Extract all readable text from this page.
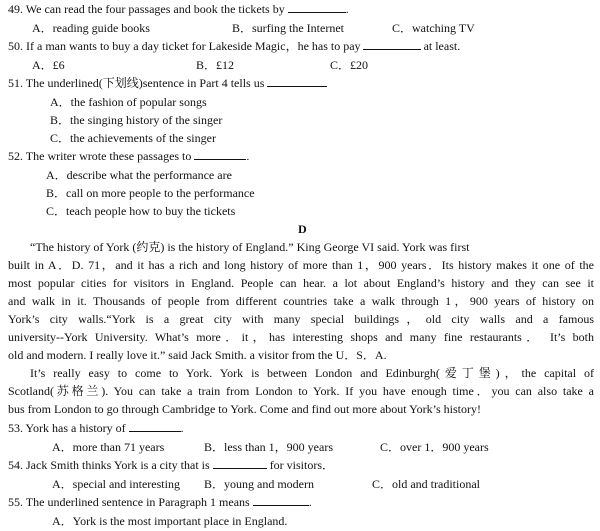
49. We can read the four passages and book the tickets by	.
A．reading guide books	B．surfing the Internet	C．watching TV
50. If a man wants to buy a day ticket for Lakeside Magic，he has to pay	at least.
A．£6	B．£12	C．£20
51. The underlined(下划线)sentence in Part 4 tells us
A．the fashion of popular songs
B．the singing history of the singer
C．the achievements of the singer
52. The writer wrote these passages to	.
A．describe what the performance are
B．call on more people to the performance
C．teach people how to buy the tickets
D
“The history of York (约克) is the history of England.” King George VI said. York was first
built in A．D. 71，and it has a rich and long history of more than 1，900 years．Its history makes it one of the
most popular cities for visitors in England. People can hear. a lot about England’s history and they can see it
and walk in it. Thousands of people from different countries take a walk through 1，900 years of history on
York’s city walls.“York is a great city with many special buildings，old city walls and a famous
university--York University. What’s more．it，has interesting shops and many fine restaurants． It’s both
old and modern. I really love it.” said Jack Smith. a visitor from the U．S．A.
It’s really easy to come to York. York is between London and Edinburgh(爱丁堡)，the capital of
Scotland(苏格兰). You can take a train from London to York. If you have enough time．you can also take a
bus from London to go through Cambridge to York. Come and find out more about York’s history!
53. York has a history of	.
A．more than 71 years	B．less than 1，900 years	C．over 1．900 years
54. Jack Smith thinks York is a city that is	for visitors．
A．special and interesting B．young and modern	C．old and traditional
55. The underlined sentence in Paragraph 1 means	.
A．York is the most important place in England.
